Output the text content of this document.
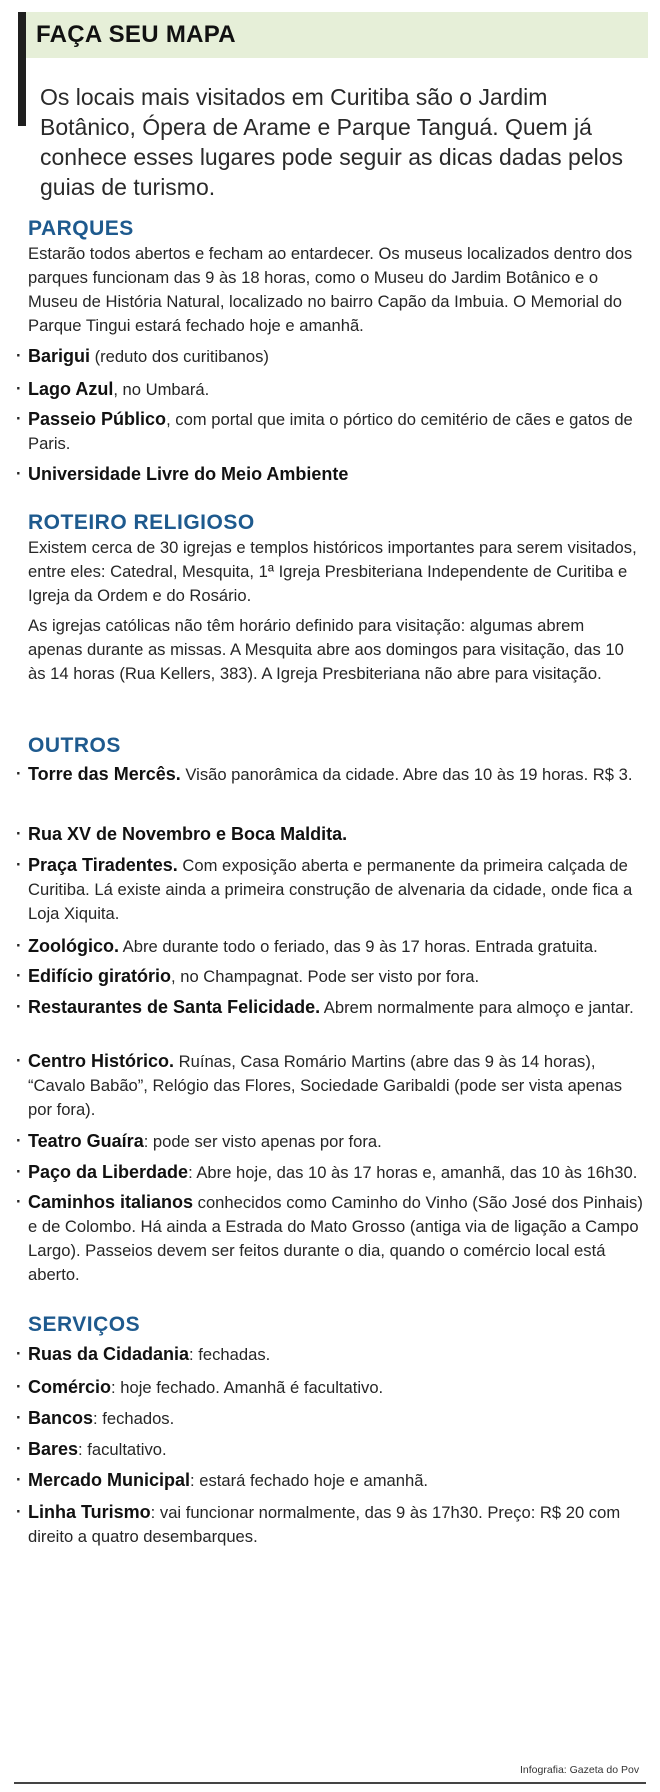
FAÇA SEU MAPA
Os locais mais visitados em Curitiba são o Jardim Botânico, Ópera de Arame e Parque Tanguá. Quem já conhece esses lugares pode seguir as dicas dadas pelos guias de turismo.
PARQUES
Estarão todos abertos e fecham ao entardecer. Os museus localizados dentro dos parques funcionam das 9 às 18 horas, como o Museu do Jardim Botânico e o Museu de História Natural, localizado no bairro Capão da Imbuia. O Memorial do Parque Tingui estará fechado hoje e amanhã.
· Barigui (reduto dos curitibanos)
· Lago Azul, no Umbará.
· Passeio Público, com portal que imita o pórtico do cemitério de cães e gatos de Paris.
· Universidade Livre do Meio Ambiente
ROTEIRO RELIGIOSO
Existem cerca de 30 igrejas e templos históricos importantes para serem visitados, entre eles: Catedral, Mesquita, 1ª Igreja Presbiteriana Independente de Curitiba e Igreja da Ordem e do Rosário.
As igrejas católicas não têm horário definido para visitação: algumas abrem apenas durante as missas. A Mesquita abre aos domingos para visitação, das 10 às 14 horas (Rua Kellers, 383). A Igreja Presbiteriana não abre para visitação.
OUTROS
· Torre das Mercês. Visão panorâmica da cidade. Abre das 10 às 19 horas. R$ 3.
· Rua XV de Novembro e Boca Maldita.
· Praça Tiradentes. Com exposição aberta e permanente da primeira calçada de Curitiba. Lá existe ainda a primeira construção de alvenaria da cidade, onde fica a Loja Xiquita.
· Zoológico. Abre durante todo o feriado, das 9 às 17 horas. Entrada gratuita.
· Edifício giratório, no Champagnat. Pode ser visto por fora.
· Restaurantes de Santa Felicidade. Abrem normalmente para almoço e jantar.
· Centro Histórico. Ruínas, Casa Romário Martins (abre das 9 às 14 horas), “Cavalo Babão”, Relógio das Flores, Sociedade Garibaldi (pode ser vista apenas por fora).
· Teatro Guaíra: pode ser visto apenas por fora.
· Paço da Liberdade: Abre hoje, das 10 às 17 horas e, amanhã, das 10 às 16h30.
· Caminhos italianos conhecidos como Caminho do Vinho (São José dos Pinhais) e de Colombo. Há ainda a Estrada do Mato Grosso (antiga via de ligação a Campo Largo). Passeios devem ser feitos durante o dia, quando o comércio local está aberto.
SERVIÇOS
· Ruas da Cidadania: fechadas.
· Comércio: hoje fechado. Amanhã é facultativo.
· Bancos: fechados.
· Bares: facultativo.
· Mercado Municipal: estará fechado hoje e amanhã.
· Linha Turismo: vai funcionar normalmente, das 9 às 17h30. Preço: R$ 20 com direito a quatro desembarques.
Infografia: Gazeta do Pov
